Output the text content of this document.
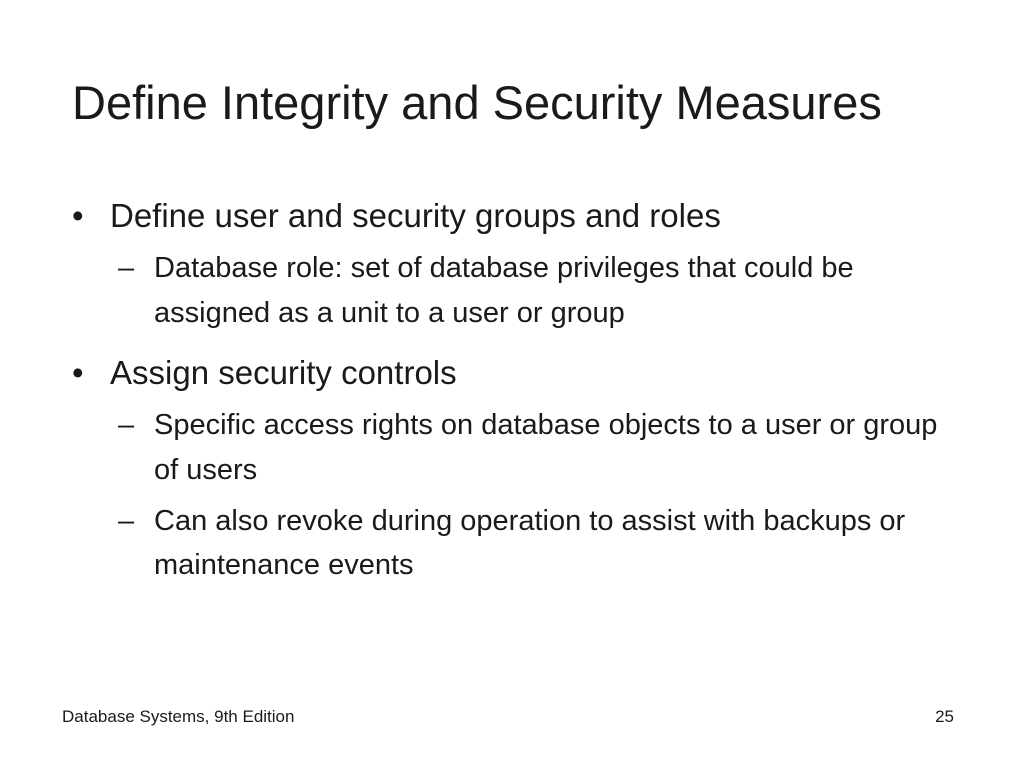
Define Integrity and Security Measures
• Define user and security groups and roles
– Database role: set of database privileges that could be assigned as a unit to a user or group
• Assign security controls
– Specific access rights on database objects to a user or group of users
– Can also revoke during operation to assist with backups or maintenance events
Database Systems, 9th Edition	25
